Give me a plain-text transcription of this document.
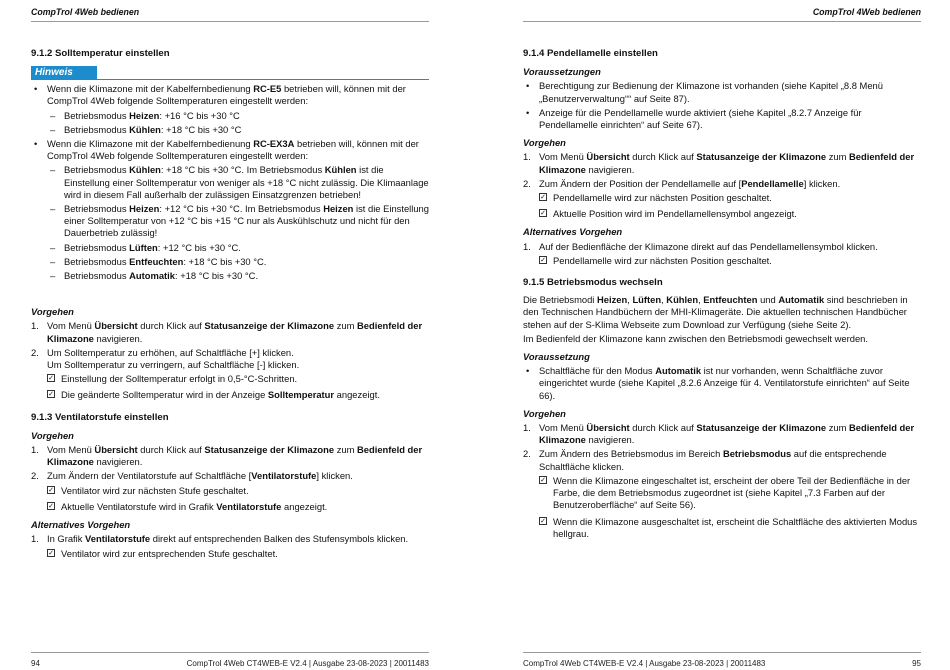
CompTrol 4Web bedienen
9.1.2 Solltemperatur einstellen
Hinweis
• Wenn die Klimazone mit der Kabelfernbedienung RC-E5 betrieben will, können mit der CompTrol 4Web folgende Solltemperaturen eingestellt werden:
– Betriebsmodus Heizen: +16 °C bis +30 °C
– Betriebsmodus Kühlen: +18 °C bis +30 °C
• Wenn die Klimazone mit der Kabelfernbedienung RC-EX3A betrieben will, können mit der CompTrol 4Web folgende Solltemperaturen eingestellt werden:
– Betriebsmodus Kühlen: +18 °C bis +30 °C. Im Betriebsmodus Kühlen ist die Einstellung einer Solltemperatur von weniger als +18 °C nicht zulässig. Die Klimaanlage wird in diesem Fall außerhalb der zulässigen Einsatzgrenzen betrieben!
– Betriebsmodus Heizen: +12 °C bis +30 °C. Im Betriebsmodus Heizen ist die Einstellung einer Solltemperatur von +12 °C bis +15 °C nur als Auskühlschutz und nicht für den Dauerbetrieb zulässig!
– Betriebsmodus Lüften: +12 °C bis +30 °C.
– Betriebsmodus Entfeuchten: +18 °C bis +30 °C.
– Betriebsmodus Automatik: +18 °C bis +30 °C.
Vorgehen
1. Vom Menü Übersicht durch Klick auf Statusanzeige der Klimazone zum Bedienfeld der Klimazone navigieren.
2. Um Solltemperatur zu erhöhen, auf Schaltfläche [+] klicken.
Um Solltemperatur zu verringern, auf Schaltfläche [-] klicken.
✓ Einstellung der Solltemperatur erfolgt in 0,5-°C-Schritten.
✓ Die geänderte Solltemperatur wird in der Anzeige Solltemperatur angezeigt.
9.1.3 Ventilatorstufe einstellen
Vorgehen
1. Vom Menü Übersicht durch Klick auf Statusanzeige der Klimazone zum Bedienfeld der Klimazone navigieren.
2. Zum Ändern der Ventilatorstufe auf Schaltfläche [Ventilatorstufe] klicken.
✓ Ventilator wird zur nächsten Stufe geschaltet.
✓ Aktuelle Ventilatorstufe wird in Grafik Ventilatorstufe angezeigt.
Alternatives Vorgehen
1. In Grafik Ventilatorstufe direkt auf entsprechenden Balken des Stufensymbols klicken.
✓ Ventilator wird zur entsprechenden Stufe geschaltet.
94	CompTrol 4Web CT4WEB-E V2.4 | Ausgabe 23-08-2023 | 20011483
CompTrol 4Web bedienen
9.1.4 Pendellamelle einstellen
Voraussetzungen
• Berechtigung zur Bedienung der Klimazone ist vorhanden (siehe Kapitel „8.8 Menü „Benutzerverwaltung““ auf Seite 87).
• Anzeige für die Pendellamelle wurde aktiviert (siehe Kapitel „8.2.7 Anzeige für Pendellamelle einrichten“ auf Seite 67).
Vorgehen
1. Vom Menü Übersicht durch Klick auf Statusanzeige der Klimazone zum Bedienfeld der Klimazone navigieren.
2. Zum Ändern der Position der Pendellamelle auf [Pendellamelle] klicken.
✓ Pendellamelle wird zur nächsten Position geschaltet.
✓ Aktuelle Position wird im Pendellamellensymbol angezeigt.
Alternatives Vorgehen
1. Auf der Bedienfläche der Klimazone direkt auf das Pendellamellensymbol klicken.
✓ Pendellamelle wird zur nächsten Position geschaltet.
9.1.5 Betriebsmodus wechseln
Die Betriebsmodi Heizen, Lüften, Kühlen, Entfeuchten und Automatik sind beschrieben in den Technischen Handbüchern der MHI-Klimageräte. Die aktuellen technischen Handbücher stehen auf der S-Klima Webseite zum Download zur Verfügung (siehe Seite 2).
Im Bedienfeld der Klimazone kann zwischen den Betriebsmodi gewechselt werden.
Voraussetzung
• Schaltfläche für den Modus Automatik ist nur vorhanden, wenn Schaltfläche zuvor eingerichtet wurde (siehe Kapitel „8.2.6 Anzeige für 4. Ventilatorstufe einrichten“ auf Seite 66).
Vorgehen
1. Vom Menü Übersicht durch Klick auf Statusanzeige der Klimazone zum Bedienfeld der Klimazone navigieren.
2. Zum Ändern des Betriebsmodus im Bereich Betriebsmodus auf die entsprechende Schaltfläche klicken.
✓ Wenn die Klimazone eingeschaltet ist, erscheint der obere Teil der Bedienfläche in der Farbe, die dem Betriebsmodus zugeordnet ist (siehe Kapitel „7.3 Farben auf der Benutzeroberfläche“ auf Seite 56).
✓ Wenn die Klimazone ausgeschaltet ist, erscheint die Schaltfläche des aktivierten Modus hellgrau.
CompTrol 4Web CT4WEB-E V2.4 | Ausgabe 23-08-2023 | 20011483	95
